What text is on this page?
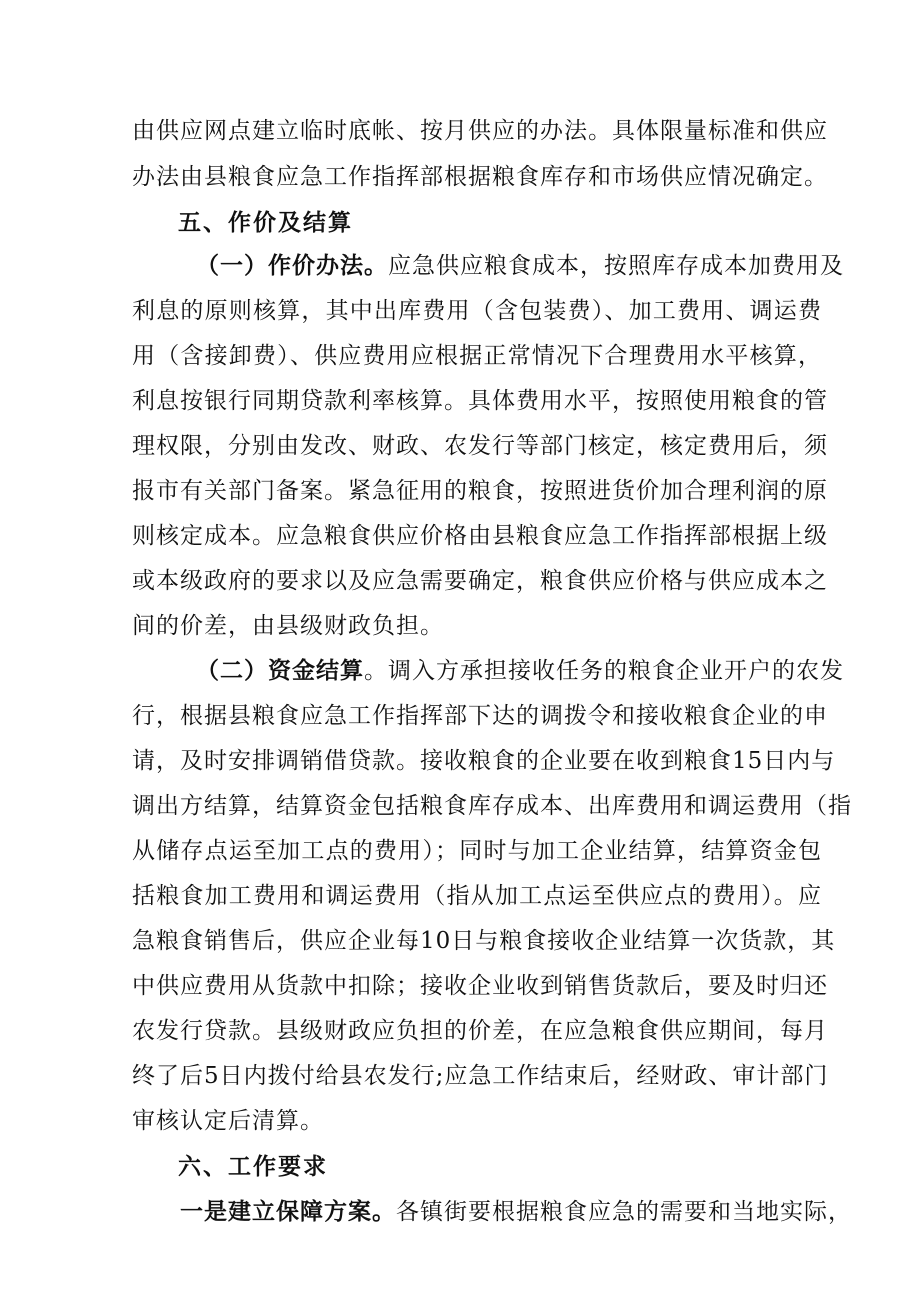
由供应网点建立临时底帐、按月供应的办法。具体限量标准和供应
办法由县粮食应急工作指挥部根据粮食库存和市场供应情况确定。
五、作价及结算
（一）作价办法。应急供应粮食成本，按照库存成本加费用及
利息的原则核算，其中出库费用（含包装费）、加工费用、调运费
用（含接卸费）、供应费用应根据正常情况下合理费用水平核算，
利息按银行同期贷款利率核算。具体费用水平，按照使用粮食的管
理权限，分别由发改、财政、农发行等部门核定，核定费用后，须
报市有关部门备案。紧急征用的粮食，按照进货价加合理利润的原
则核定成本。应急粮食供应价格由县粮食应急工作指挥部根据上级
或本级政府的要求以及应急需要确定，粮食供应价格与供应成本之
间的价差，由县级财政负担。
（二）资金结算。调入方承担接收任务的粮食企业开户的农发
行，根据县粮食应急工作指挥部下达的调拨令和接收粮食企业的申
请，及时安排调销借贷款。接收粮食的企业要在收到粮食15日内与
调出方结算，结算资金包括粮食库存成本、出库费用和调运费用（指
从储存点运至加工点的费用）；同时与加工企业结算，结算资金包
括粮食加工费用和调运费用（指从加工点运至供应点的费用）。应
急粮食销售后，供应企业每10日与粮食接收企业结算一次货款，其
中供应费用从货款中扣除；接收企业收到销售货款后，要及时归还
农发行贷款。县级财政应负担的价差，在应急粮食供应期间，每月
终了后5日内拨付给县农发行;应急工作结束后，经财政、审计部门
审核认定后清算。
六、工作要求
一是建立保障方案。各镇街要根据粮食应急的需要和当地实际，
